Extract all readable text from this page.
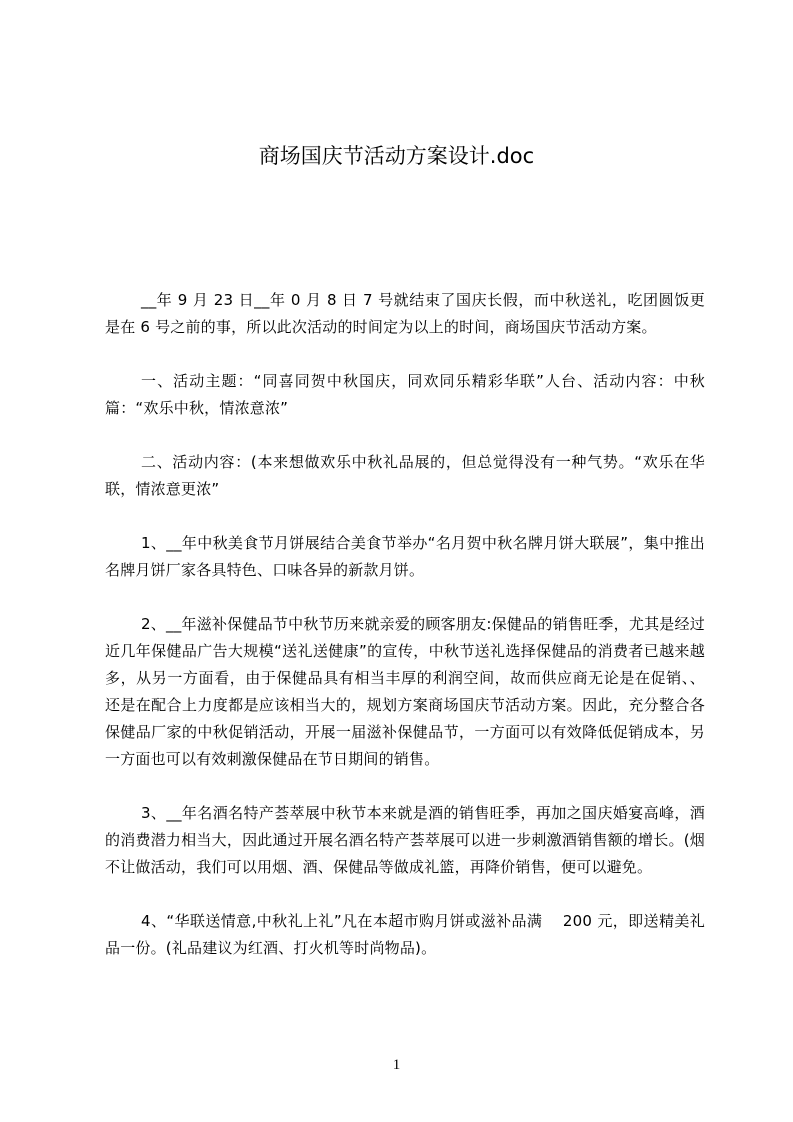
商场国庆节活动方案设计.doc

__年 9 月 23 日__年 0 月 8 日 7 号就结束了国庆长假，而中秋送礼，吃团圆饭更是在 6 号之前的事，所以此次活动的时间定为以上的时间，商场国庆节活动方案。

一、活动主题：“同喜同贺中秋国庆，同欢同乐精彩华联”人台、活动内容：中秋篇：“欢乐中秋，情浓意浓”

二、活动内容：(本来想做欢乐中秋礼品展的，但总觉得没有一种气势。“欢乐在华联，情浓意更浓”

1、__年中秋美食节月饼展结合美食节举办“名月贺中秋名牌月饼大联展”，集中推出名牌月饼厂家各具特色、口味各异的新款月饼。

2、__年滋补保健品节中秋节历来就亲爱的顾客朋友:保健品的销售旺季，尤其是经过近几年保健品广告大规模“送礼送健康”的宣传，中秋节送礼选择保健品的消费者已越来越多，从另一方面看，由于保健品具有相当丰厚的利润空间，故而供应商无论是在促销、、还是在配合上力度都是应该相当大的，规划方案商场国庆节活动方案。因此，充分整合各保健品厂家的中秋促销活动，开展一届滋补保健品节，一方面可以有效降低促销成本，另一方面也可以有效刺激保健品在节日期间的销售。

3、__年名酒名特产荟萃展中秋节本来就是酒的销售旺季，再加之国庆婚宴高峰，酒的消费潜力相当大，因此通过开展名酒名特产荟萃展可以进一步刺激酒销售额的增长。(烟不让做活动，我们可以用烟、酒、保健品等做成礼篮，再降价销售，便可以避免。

4、“华联送情意,中秋礼上礼”凡在本超市购月饼或滋补品满　 200 元，即送精美礼品一份。(礼品建议为红酒、打火机等时尚物品)。

1
